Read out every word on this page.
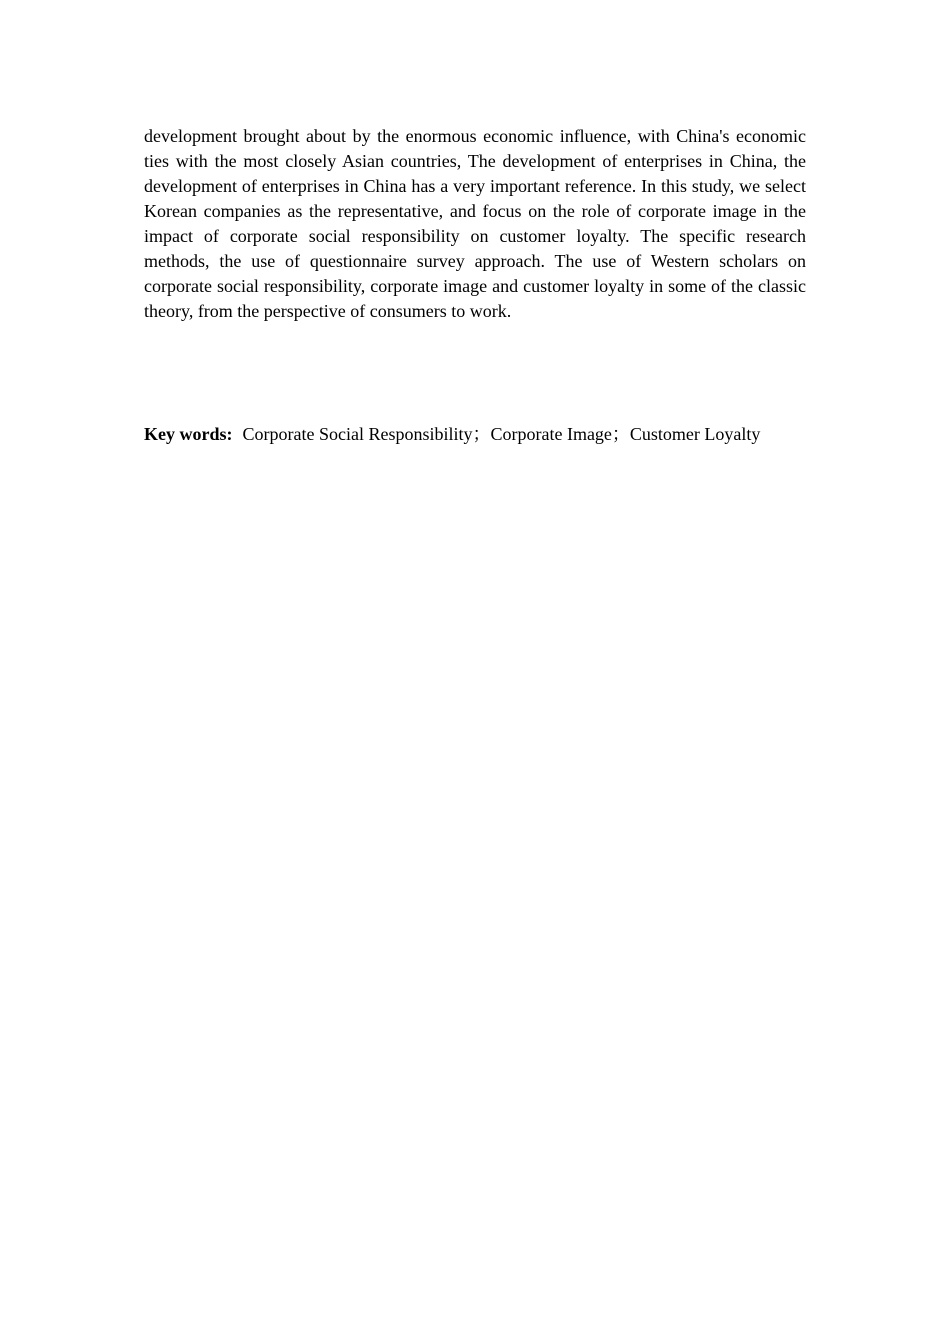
development brought about by the enormous economic influence, with China's economic ties with the most closely Asian countries, The development of enterprises in China, the development of enterprises in China has a very important reference. In this study, we select Korean companies as the representative, and focus on the role of corporate image in the impact of corporate social responsibility on customer loyalty. The specific research methods, the use of questionnaire survey approach. The use of Western scholars on corporate social responsibility, corporate image and customer loyalty in some of the classic theory, from the perspective of consumers to work.

Key words: Corporate Social Responsibility；Corporate Image；Customer Loyalty
